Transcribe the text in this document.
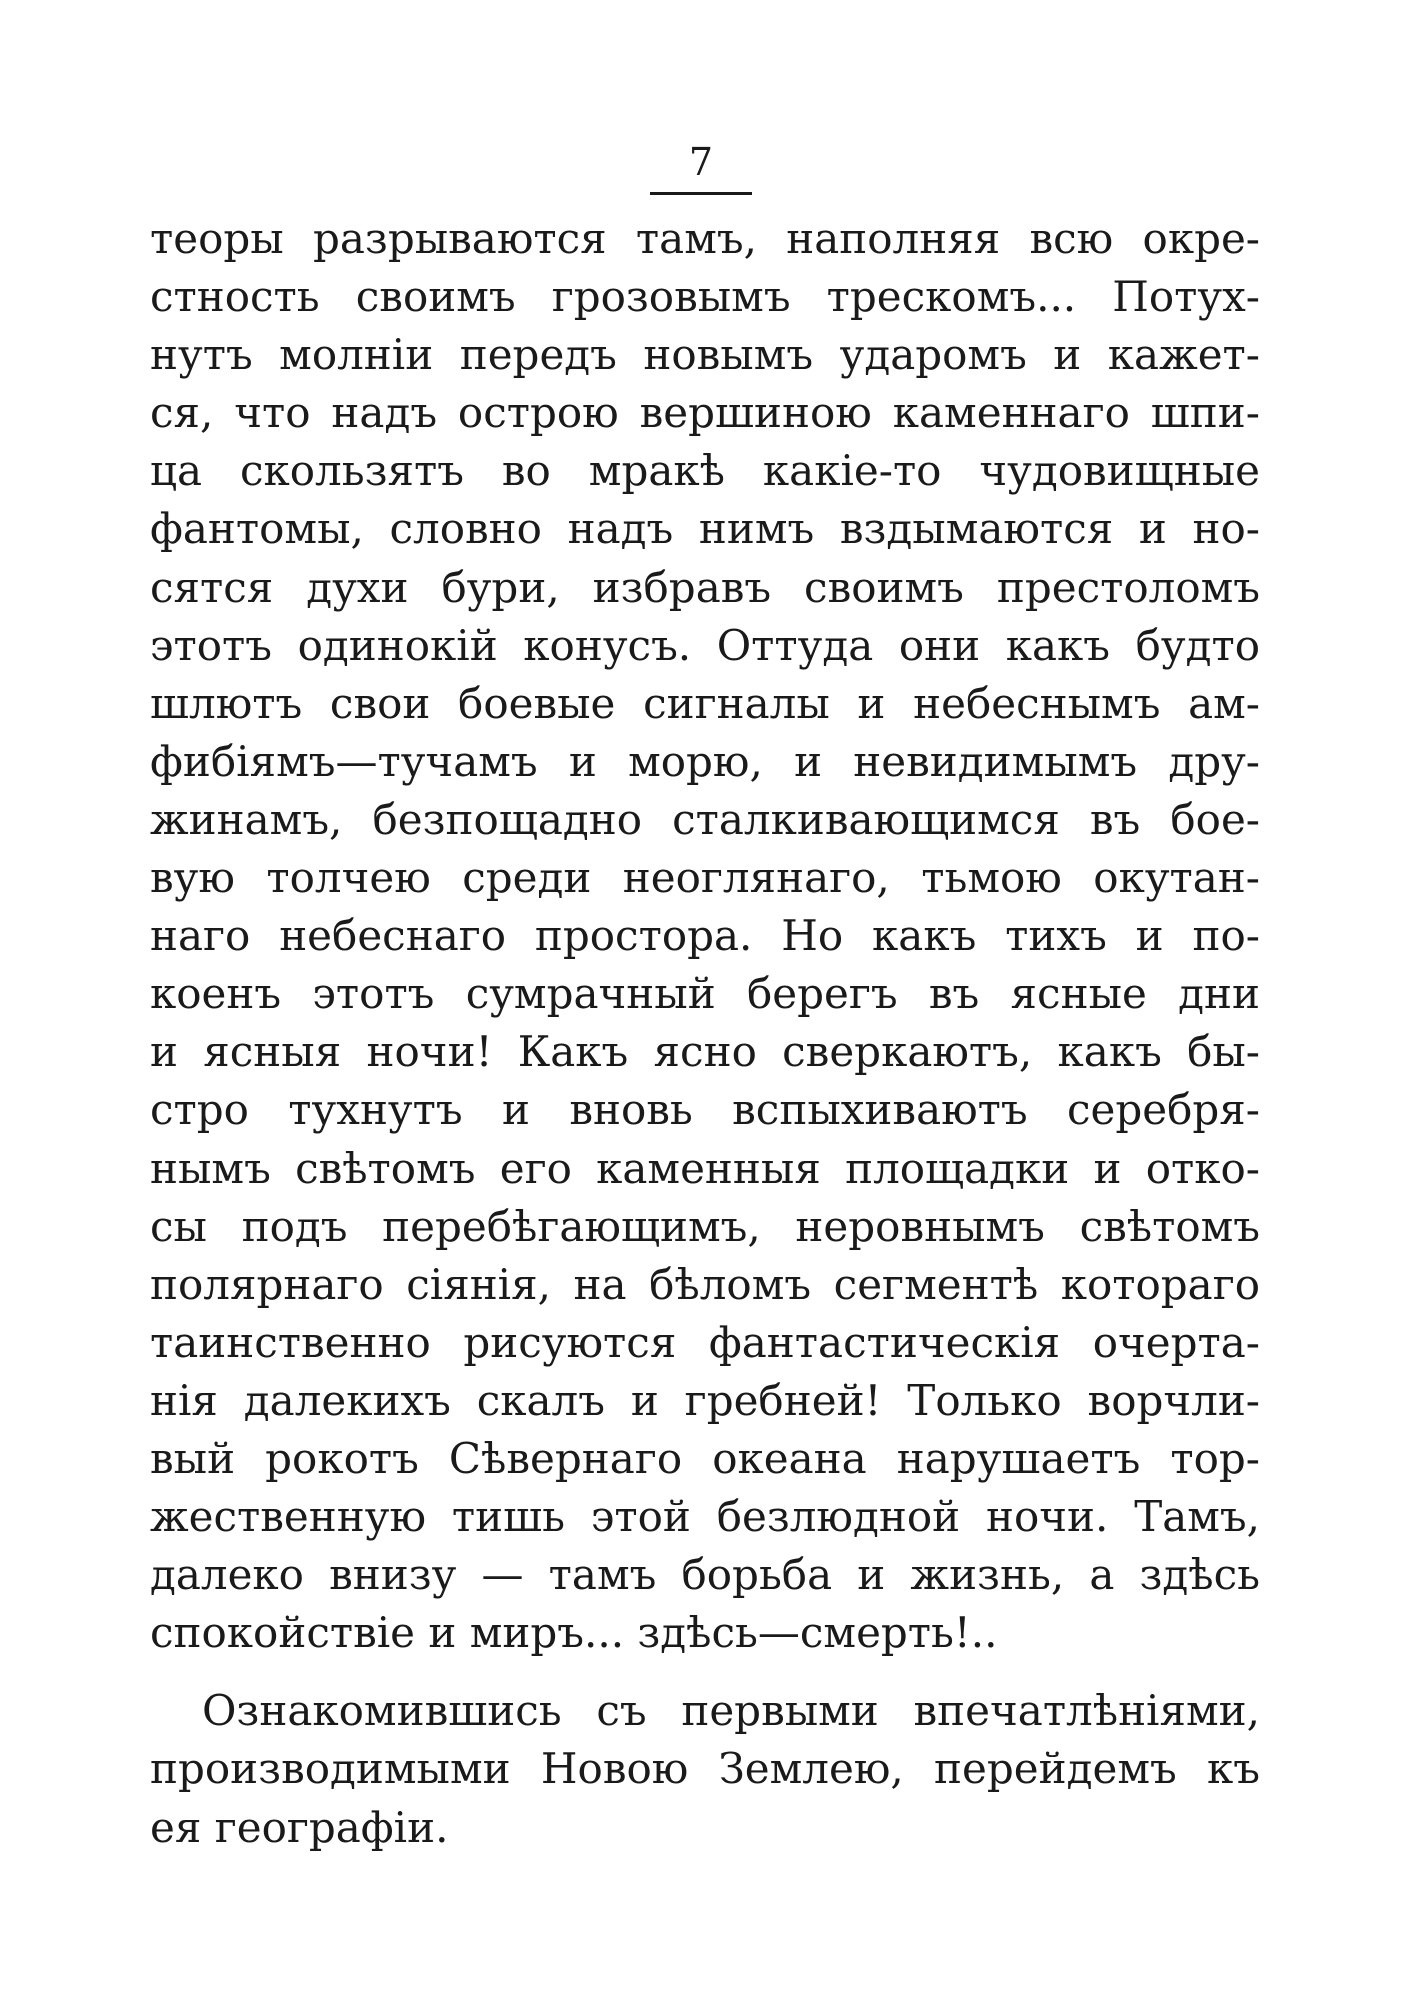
7
теоры разрываются тамъ, наполняя всю окре-
стность своимъ грозовымъ трескомъ... Потух-
нутъ молнiи передъ новымъ ударомъ и кажет-
ся, что надъ острою вершиною каменнаго шпи-
ца скользятъ во мракѣ какiе-то чудовищные
фантомы, словно надъ нимъ вздымаются и но-
сятся духи бури, избравъ своимъ престоломъ
этотъ одинокiй конусъ. Оттуда они какъ будто
шлютъ свои боевые сигналы и небеснымъ ам-
фибiямъ—тучамъ и морю, и невидимымъ дру-
жинамъ, безпощадно сталкивающимся въ бое-
вую толчею среди неоглянаго, тьмою окутан-
наго небеснаго простора. Но какъ тихъ и по-
коенъ этотъ сумрачный берегъ въ ясные дни
и ясныя ночи! Какъ ясно сверкаютъ, какъ бы-
стро тухнутъ и вновь вспыхиваютъ серебря-
нымъ свѣтомъ его каменныя площадки и отко-
сы подъ перебѣгающимъ, неровнымъ свѣтомъ
полярнаго сiянiя, на бѣломъ сегментѣ котораго
таинственно рисуются фантастическiя очерта-
нiя далекихъ скалъ и гребней! Только ворчли-
вый рокотъ Сѣвернаго океана нарушаетъ тор-
жественную тишь этой безлюдной ночи. Тамъ,
далеко внизу — тамъ борьба и жизнь, а здѣсь
спокойствiе и миръ... здѣсь—смерть!..
Ознакомившись съ первыми впечатлѣнiями,
производимыми Новою Землею, перейдемъ къ
ея географiи.
